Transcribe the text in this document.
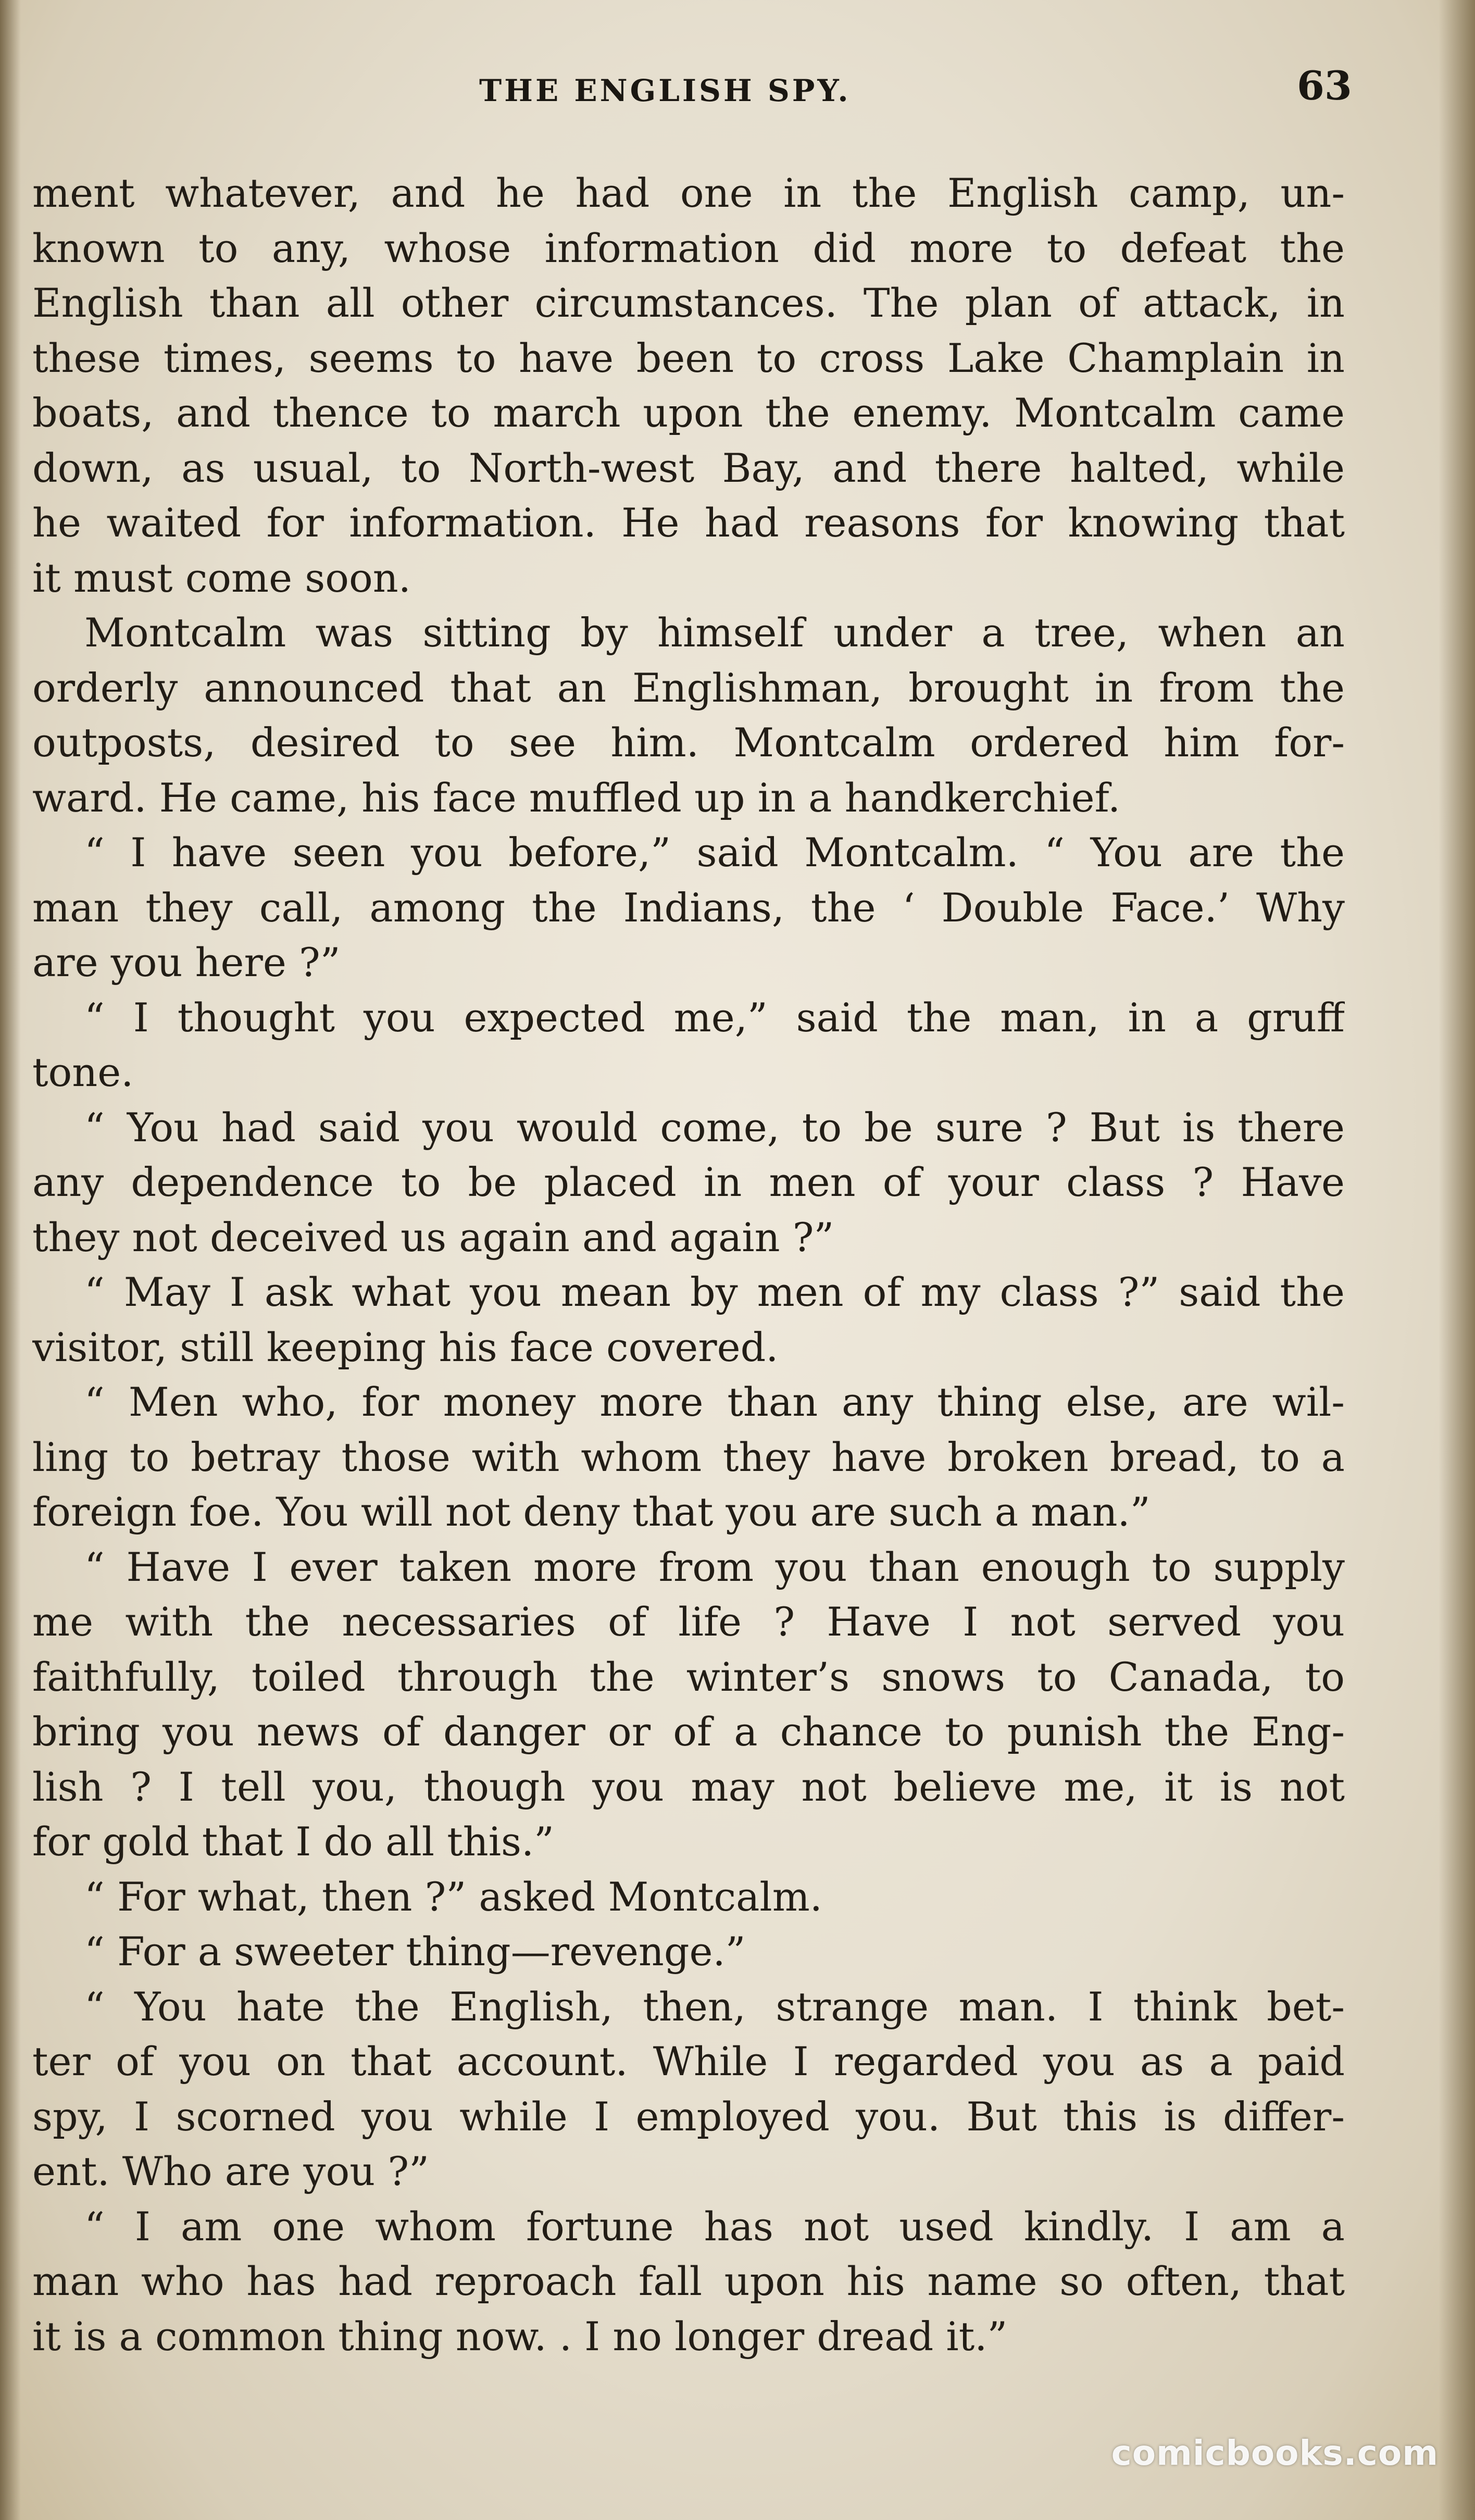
THE ENGLISH SPY.	63
ment whatever, and he had one in the English camp, un-
known to any, whose information did more to defeat the
English than all other circumstances. The plan of attack, in
these times, seems to have been to cross Lake Champlain in
boats, and thence to march upon the enemy. Montcalm came
down, as usual, to North-west Bay, and there halted, while
he waited for information. He had reasons for knowing that
it must come soon.
Montcalm was sitting by himself under a tree, when an
orderly announced that an Englishman, brought in from the
outposts, desired to see him. Montcalm ordered him for-
ward. He came, his face muffled up in a handkerchief.
“ I have seen you before,” said Montcalm. “ You are the
man they call, among the Indians, the ‘ Double Face.’ Why
are you here ?”
“ I thought you expected me,” said the man, in a gruff
tone.
“ You had said you would come, to be sure ? But is there
any dependence to be placed in men of your class ? Have
they not deceived us again and again ?”
“ May I ask what you mean by men of my class ?” said the
visitor, still keeping his face covered.
“ Men who, for money more than any thing else, are wil-
ling to betray those with whom they have broken bread, to a
foreign foe. You will not deny that you are such a man.”
“ Have I ever taken more from you than enough to supply
me with the necessaries of life ? Have I not served you
faithfully, toiled through the winter’s snows to Canada, to
bring you news of danger or of a chance to punish the Eng-
lish ? I tell you, though you may not believe me, it is not
for gold that I do all this.”
“ For what, then ?” asked Montcalm.
“ For a sweeter thing—revenge.”
“ You hate the English, then, strange man. I think bet-
ter of you on that account. While I regarded you as a paid
spy, I scorned you while I employed you. But this is differ-
ent. Who are you ?”
“ I am one whom fortune has not used kindly. I am a
man who has had reproach fall upon his name so often, that
it is a common thing now. . I no longer dread it.”
comicbooks.com
